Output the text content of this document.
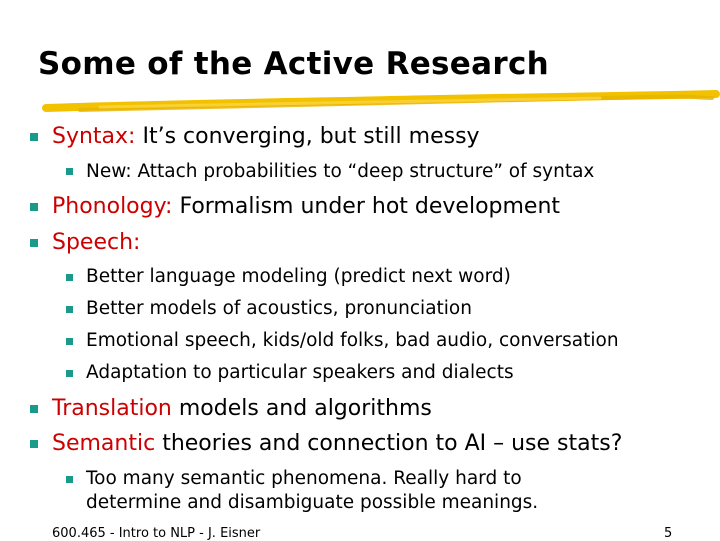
Some of the Active Research
Syntax: It’s converging, but still messy
New: Attach probabilities to “deep structure” of syntax
Phonology: Formalism under hot development
Speech:
Better language modeling (predict next word)
Better models of acoustics, pronunciation
Emotional speech, kids/old folks, bad audio, conversation
Adaptation to particular speakers and dialects
Translation models and algorithms
Semantic theories and connection to AI – use stats?
Too many semantic phenomena. Really hard to
determine and disambiguate possible meanings.
600.465 - Intro to NLP - J. Eisner	5
